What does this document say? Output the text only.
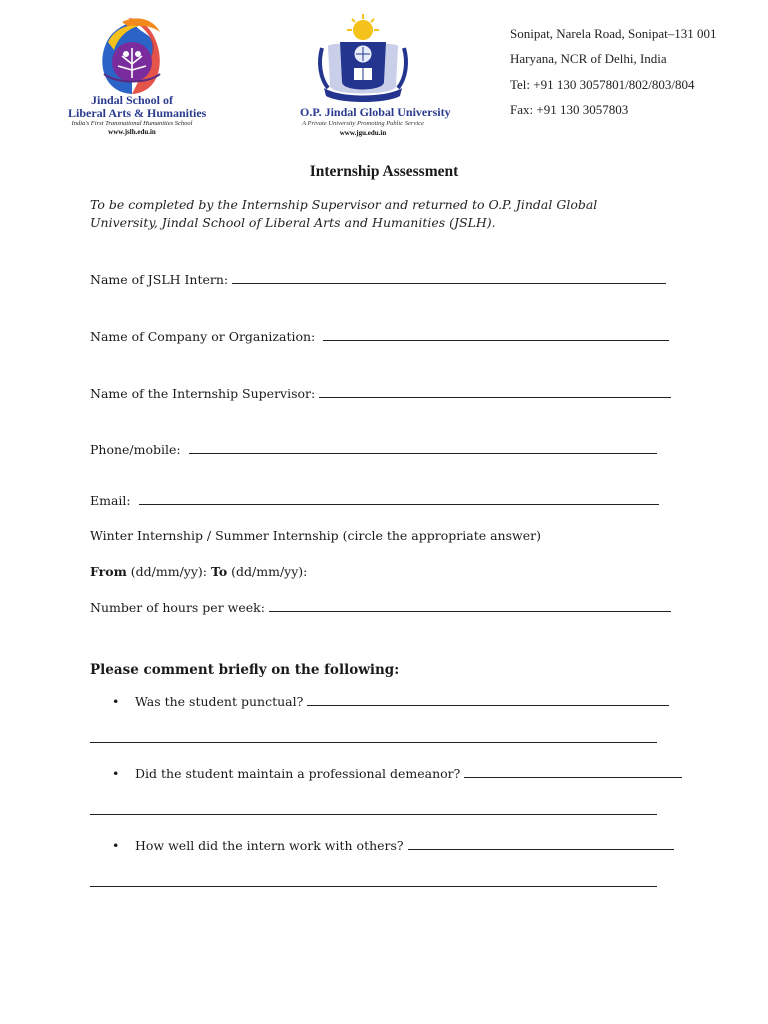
Jindal School of
Liberal Arts & Humanities
India's First Transnational Humanities School
www.jslh.edu.in
O.P. Jindal Global University
A Private University Promoting Public Service
www.jgu.edu.in
Sonipat, Narela Road, Sonipat–131 001
Haryana, NCR of Delhi, India
Tel: +91 130 3057801/802/803/804
Fax: +91 130 3057803
Internship Assessment
To be completed by the Internship Supervisor and returned to O.P. Jindal Global University, Jindal School of Liberal Arts and Humanities (JSLH).
Name of JSLH Intern:
Name of Company or Organization:
Name of the Internship Supervisor:
Phone/mobile:
Email:
Winter Internship / Summer Internship (circle the appropriate answer)
From (dd/mm/yy): To (dd/mm/yy):
Number of hours per week:
Please comment briefly on the following:
• Was the student punctual?
• Did the student maintain a professional demeanor?
• How well did the intern work with others?
